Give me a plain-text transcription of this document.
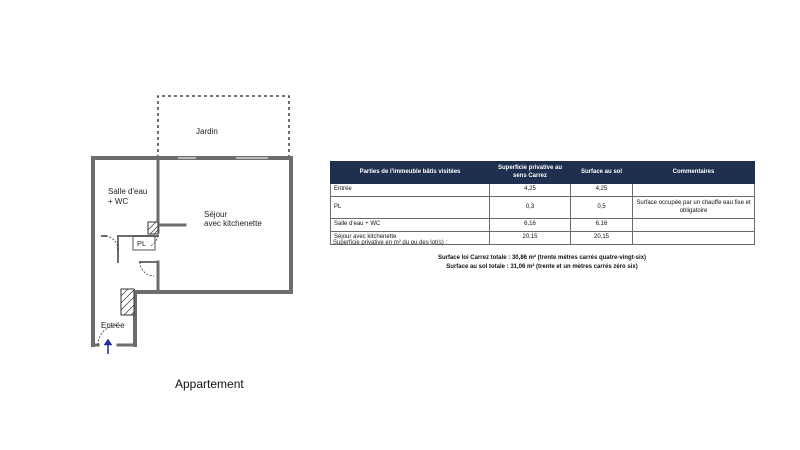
Jardin
Salle d'eau
+ WC
Séjour
avec kitchenette
PL
Entrée
Appartement
Parties de l'immeuble bâtis visitées	Superficie privative au sens Carrez	Surface au sol	Commentaires
Entrée	4,25	4,25	
PL	0,3	0,5	Surface occupée par un chauffe eau fixe et obligatoire
Salle d'eau + WC	6,16	6,16	
Séjour avec kitchenette	20,15	20,15	
Superficie privative en m² du ou des lot(s) :
Surface loi Carrez totale : 30,86 m² (trente mètres carrés quatre-vingt-six)
Surface au sol totale : 31,06 m² (trente et un mètres carrés zéro six)
